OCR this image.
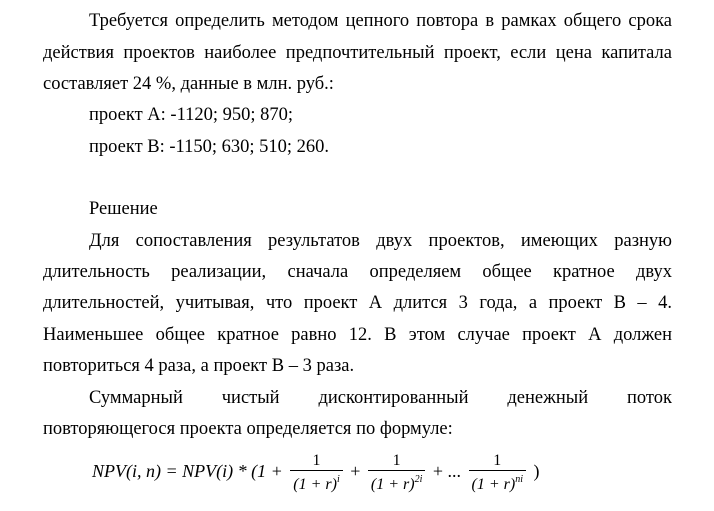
Требуется определить методом цепного повтора в рамках общего срока
действия проектов наиболее предпочтительный проект, если цена капитала
составляет 24 %, данные в млн. руб.:
проект А: -1120; 950; 870;
проект В: -1150; 630; 510; 260.
Решение
Для сопоставления результатов двух проектов, имеющих разную
длительность реализации, сначала определяем общее кратное двух
длительностей, учитывая, что проект А длится 3 года, а проект В – 4.
Наименьшее общее кратное равно 12. В этом случае проект А должен
повториться 4 раза, а проект В – 3 раза.
Суммарный чистый дисконтированный денежный поток
повторяющегося проекта определяется по формуле:
NPV(i, $n) = NPV(i) * (1 + \frac{1}{(1 + r)^i} + \frac{1}{(1 + r)^{2i}}$ + ... $\frac{1}{(1 + r)^{ni}}$ )
